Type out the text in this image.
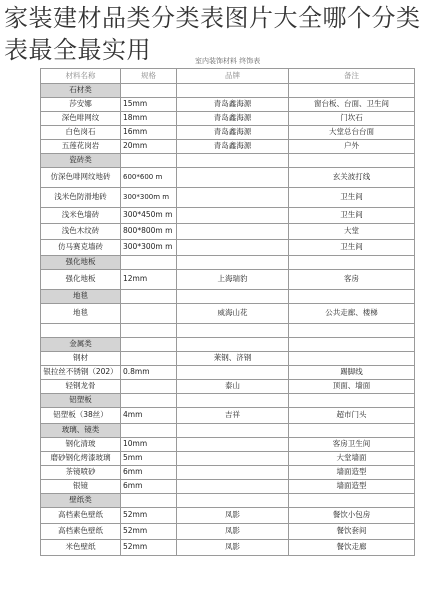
家装建材品类分类表图片大全哪个分类表最全最实用	室内装饰材料 终饰表
材料名称	规格	品牌	备注
石材类			
莎安娜	15mm	青岛鑫海源	窗台板、台面、卫生间
深色啡网纹	18mm	青岛鑫海源	门坎石
白色岗石	16mm	青岛鑫海源	大堂总台台面
五莲花岗岩	20mm	青岛鑫海源	户外
瓷砖类			
仿深色啡网纹地砖	600*600 m		玄关波打线
浅米色防滑地砖	300*300m m		卫生间
浅米色墙砖	300*450m m		卫生间
浅色木纹砖	800*800m m		大堂
仿马赛克墙砖	300*300m m		卫生间
强化地板			
强化地板	12mm	上海瑞豹	客房
地毯			
地毯		威海山花	公共走廊、楼梯

金属类			
钢材		莱钢、济钢	
银拉丝不锈钢（202）	0.8mm		踢脚线
轻钢龙骨		泰山	顶面、墙面
铝塑板			
铝塑板（38丝）	4mm	吉祥	超市门头
玻璃、镜类			
钢化清玻	10mm		客房卫生间
磨砂钢化烤漆玻璃	5mm		大堂墙面
茶镜喷砂	6mm		墙面造型
银镜	6mm		墙面造型
壁纸类			
高档素色壁纸	52mm	凤影	餐饮小包房
高档素色壁纸	52mm	凤影	餐饮套间
米色壁纸	52mm	凤影	餐饮走廊
